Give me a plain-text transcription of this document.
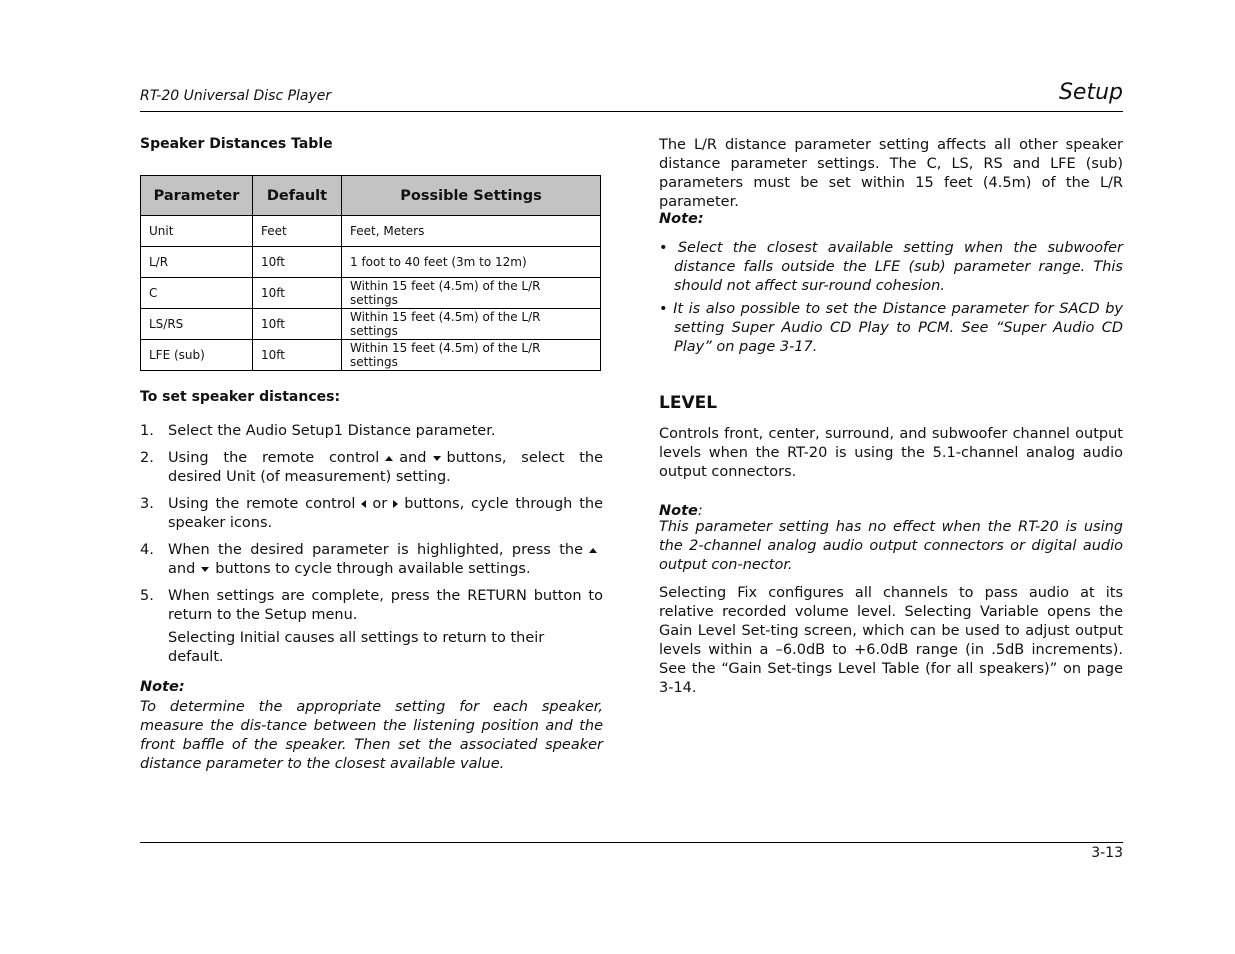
RT-20 Universal Disc Player	Setup
Speaker Distances Table
Parameter	Default	Possible Settings
Unit	Feet	Feet, Meters
L/R	10ft	1 foot to 40 feet (3m to 12m)
C	10ft	Within 15 feet (4.5m) of the L/R settings
LS/RS	10ft	Within 15 feet (4.5m) of the L/R settings
LFE (sub)	10ft	Within 15 feet (4.5m) of the L/R settings
To set speaker distances:
1. Select the Audio Setup1 Distance parameter.
2. Using the remote control and buttons, select the desired Unit (of measurement) setting.
3. Using the remote control or buttons, cycle through the speaker icons.
4. When the desired parameter is highlighted, press theand buttons to cycle through available settings.
5. When settings are complete, press the RETURN button to return to the Setup menu.
Selecting Initial causes all settings to return to their default.
Note:
To determine the appropriate setting for each speaker, measure the dis-tance between the listening position and the front baffle of the speaker. Then set the associated speaker distance parameter to the closest available value.
The L/R distance parameter setting affects all other speaker distance parameter settings. The C, LS, RS and LFE (sub) parameters must be set within 15 feet (4.5m) of the L/R parameter.
Note:
• Select the closest available setting when the subwoofer distance falls outside the LFE (sub) parameter range. This should not affect sur-round cohesion.
• It is also possible to set the Distance parameter for SACD by setting Super Audio CD Play to PCM. See “Super Audio CD Play” on page 3-17.
LEVEL
Controls front, center, surround, and subwoofer channel output levels when the RT-20 is using the 5.1-channel analog audio output connectors.
Note:
This parameter setting has no effect when the RT-20 is using the 2-channel analog audio output connectors or digital audio output con-nector.
Selecting Fix configures all channels to pass audio at its relative recorded volume level. Selecting Variable opens the Gain Level Set-ting screen, which can be used to adjust output levels within a –6.0dB to +6.0dB range (in .5dB increments). See the “Gain Set-tings Level Table (for all speakers)” on page 3-14.
3-13
